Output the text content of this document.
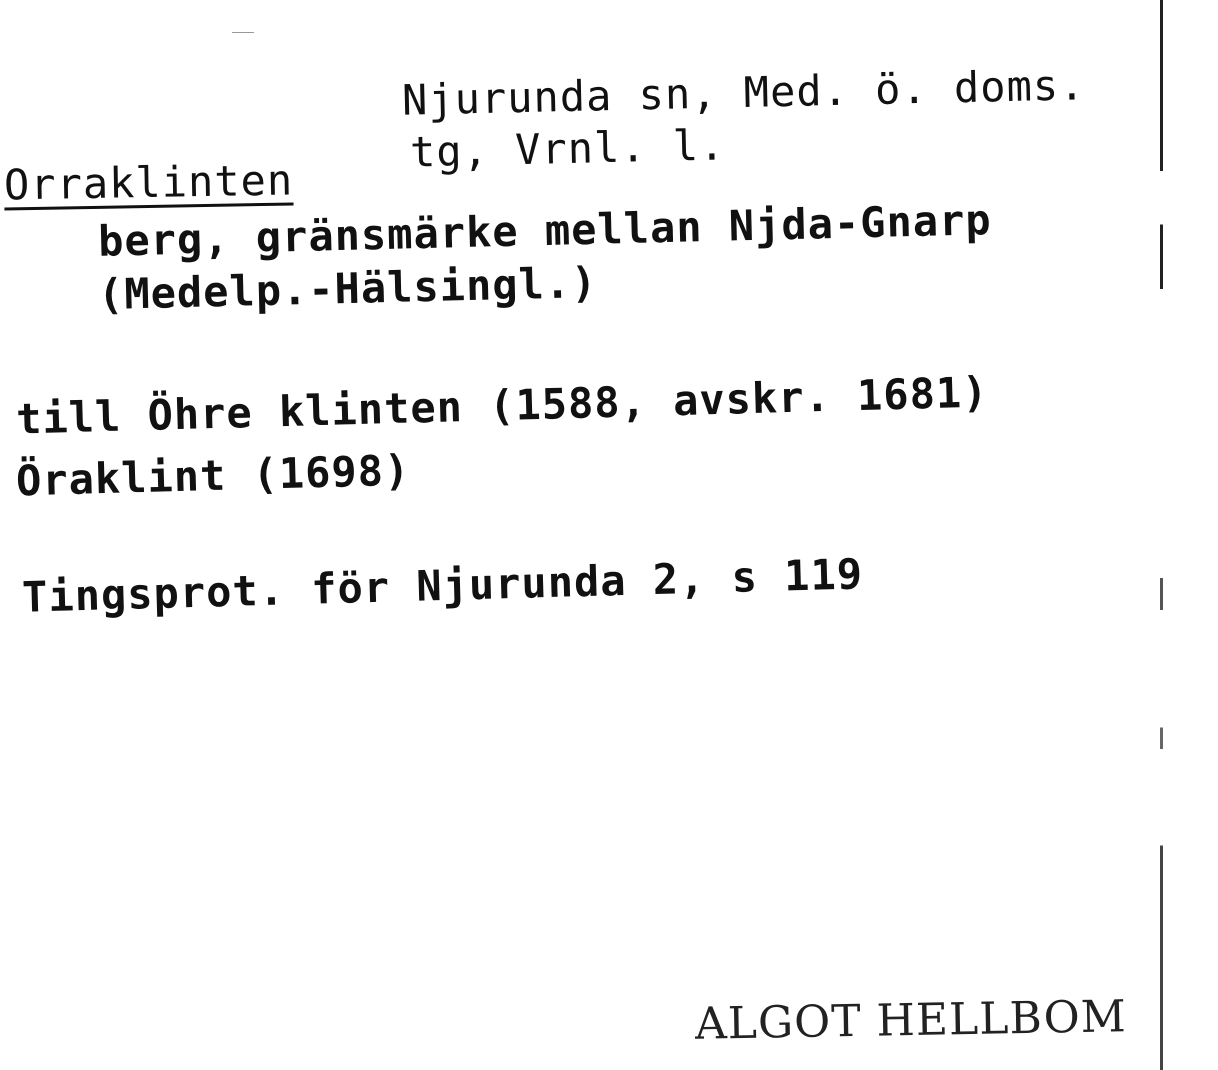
Njurunda sn, Med. ö. doms.
tg, Vrnl. l.
Orraklinten
berg, gränsmärke mellan Njda-Gnarp
(Medelp.-Hälsingl.)
till Öhre klinten (1588, avskr. 1681)
Öraklint (1698)
Tingsprot. för Njurunda 2, s 119
ALGOT HELLBOM
